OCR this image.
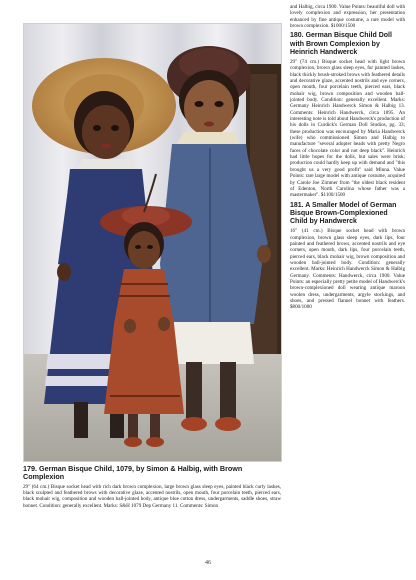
and Halbig, circa 1900. Value Points: beautiful doll with lovely complexion and expression, her presentation enhanced by fine antique costume, a rare model with brown complexion. $1000/1500

180. German Bisque Child Doll with Brown Complexion by Heinrich Handwerck

29" (74 cm.) Bisque socket head with light brown complexion, brown glass sleep eyes, fur painted lashes, black thickly brush-stroked brows with feathered details and decorative glaze, accented nostrils and eye corners, open mouth, four porcelain teeth, pierced ears, black mohair wig, brown composition and wooden ball-jointed body. Condition: generally excellent. Marks: Germany Heinrich Handwerck Simon & Halbig 13. Comments: Heinrich Handwerck, circa 1895. An interesting note is told about Handwerck's production of his dolls in Curdick's German Doll Studios, pg. 33; these production was encouraged by Maria Handwerck (wife) who commissioned Simon and Halbig to manufacture "several adopter heads with pretty Negro faces of chocolate color and not deep black". Heinrich had little hopes for the dolls, but sales were brisk; production could hardly keep up with demand and "this brought us a very good profit" said Minna. Value Points: rare large model with antique costume, acquired by Carole Joe Zimmer from "the oldest black resident of Edenton, North Carolina whose father was a mastermaker". $1100/1500

181. A Smaller Model of German Bisque Brown-Complexioned Child by Handwerck

16" (41 cm.) Bisque socket head with brown complexion, brown glass sleep eyes, dark lips, four painted and feathered brows, accented nostrils and eye corners, open mouth, dark lips, four porcelain teeth, pierced ears, black mohair wig, brown composition and wooden ball-jointed body. Condition: generally excellent. Marks: Heinrich Handwerck Simon & Halbig Germany. Comments: Handwerck, circa 1900. Value Points: an especially pretty petite model of Handwerck's brown-complexioned doll wearing antique maroon woolen dress, undergarments, argyle stockings, and shoes, and pressed flannel bonnet with feathers. $800/1000

179. German Bisque Child, 1079, by Simon & Halbig, with Brown Complexion

29" (64 cm.) Bisque socket head with rich dark brown complexion, large brown glass sleep eyes, painted black curly lashes, black sculpted and feathered brows with decorative glaze, accented nostrils, open mouth, four porcelain teeth, pierced ears, black mohair wig, composition and wooden ball-jointed body, antique blue cotton dress, undergarments, saddle shoes, straw bonnet. Condition: generally excellent. Marks: S&H 1079 Dep Germany 11. Comments: Simon

46
